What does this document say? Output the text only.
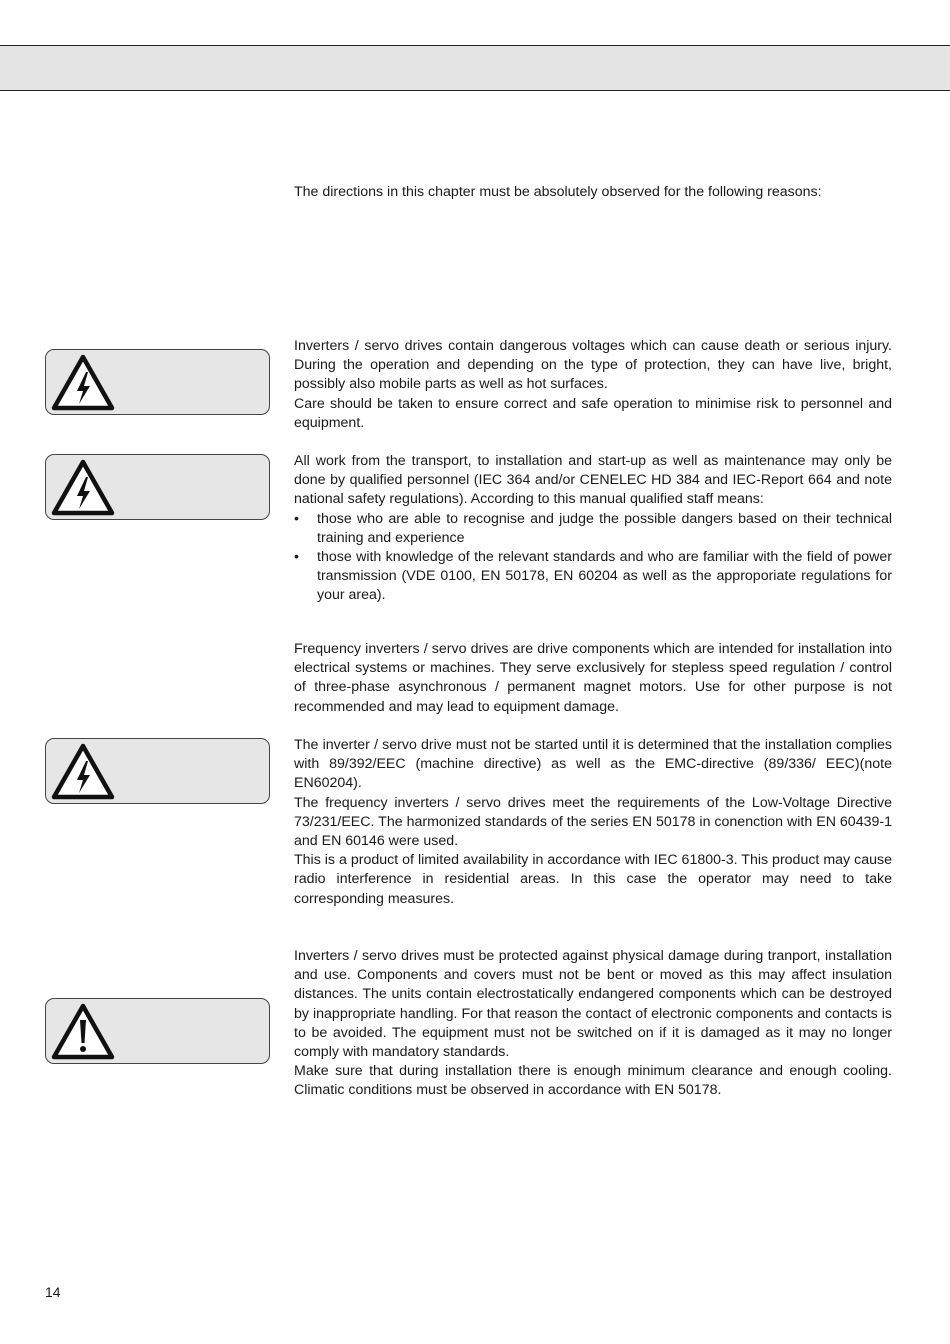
The directions in this chapter must be absolutely observed for the following reasons:

Inverters / servo drives contain dangerous voltages which can cause death or serious injury. During the operation and depending on the type of protection, they can have live, bright, possibly also mobile parts as well as hot surfaces.

Care should be taken to ensure correct and safe operation to minimise risk to personnel and equipment.

All work from the transport, to installation and start-up as well as maintenance may only be done by qualified personnel (IEC 364 and/or CENELEC HD 384 and IEC-Report 664 and note national safety regulations). According to this manual qualified staff means:

• those who are able to recognise and judge the possible dangers based on their technical training and experience
• those with knowledge of the relevant standards and who are familiar with the field of power transmission (VDE 0100, EN 50178, EN 60204 as well as the approporiate regulations for your area).

Frequency inverters / servo drives are drive components which are intended for installation into electrical systems or machines. They serve exclusively for stepless speed regulation / control of three-phase asynchronous / permanent magnet motors. Use for other purpose is not recommended and may lead to equipment damage.

The inverter / servo drive must not be started until it is determined that the installation complies with 89/392/EEC (machine directive) as well as the EMC-directive (89/336/ EEC)(note EN60204).

The frequency inverters / servo drives meet the requirements of the Low-Voltage Directive 73/231/EEC. The harmonized standards of the series EN 50178 in conenction with EN 60439-1 and EN 60146 were used.

This is a product of limited availability in accordance with IEC 61800-3. This product may cause radio interference in residential areas. In this case the operator may need to take corresponding measures.

Inverters / servo drives must be protected against physical damage during tranport, installation and use. Components and covers must not be bent or moved as this may affect insulation distances. The units contain electrostatically endangered components which can be destroyed by inappropriate handling. For that reason the contact of electronic components and contacts is to be avoided. The equipment must not be switched on if it is damaged as it may no longer comply with mandatory standards.

Make sure that during installation there is enough minimum clearance and enough cooling. Climatic conditions must be observed in accordance with EN 50178.

14
